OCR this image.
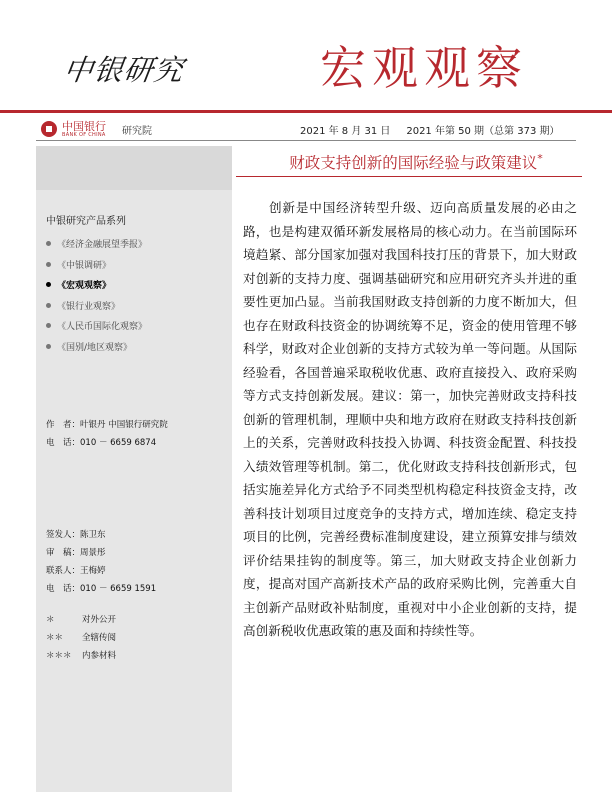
中银研究	宏观观察
中国银行
BANK OF CHINA 研究院	2021 年 8 月 31 日 2021 年第 50 期（总第 373 期）
中银研究产品系列
《经济金融展望季报》
《中银调研》
《宏观观察》
《银行业观察》
《人民币国际化观察》
《国别/地区观察》
作　者：叶银丹 中国银行研究院
电　话：010 － 6659 6874
签发人：陈卫东
审　稿：周景彤
联系人：王梅婷
电　话：010 － 6659 1591
＊	对外公开
＊＊ 全辖传阅
＊＊＊ 内参材料
财政支持创新的国际经验与政策建议*

创新是中国经济转型升级、迈向高质量发展的必由之路，也是构建双循环新发展格局的核心动力。在当前国际环境趋紧、部分国家加强对我国科技打压的背景下，加大财政对创新的支持力度、强调基础研究和应用研究齐头并进的重要性更加凸显。当前我国财政支持创新的力度不断加大，但也存在财政科技资金的协调统筹不足，资金的使用管理不够科学，财政对企业创新的支持方式较为单一等问题。从国际经验看，各国普遍采取税收优惠、政府直接投入、政府采购等方式支持创新发展。建议：第一，加快完善财政支持科技创新的管理机制，理顺中央和地方政府在财政支持科技创新上的关系，完善财政科技投入协调、科技资金配置、科技投入绩效管理等机制。第二，优化财政支持科技创新形式，包括实施差异化方式给予不同类型机构稳定科技资金支持，改善科技计划项目过度竞争的支持方式，增加连续、稳定支持项目的比例，完善经费标准制度建设，建立预算安排与绩效评价结果挂钩的制度等。第三，加大财政支持企业创新力度，提高对国产高新技术产品的政府采购比例，完善重大自主创新产品财政补贴制度，重视对中小企业创新的支持，提高创新税收优惠政策的惠及面和持续性等。
